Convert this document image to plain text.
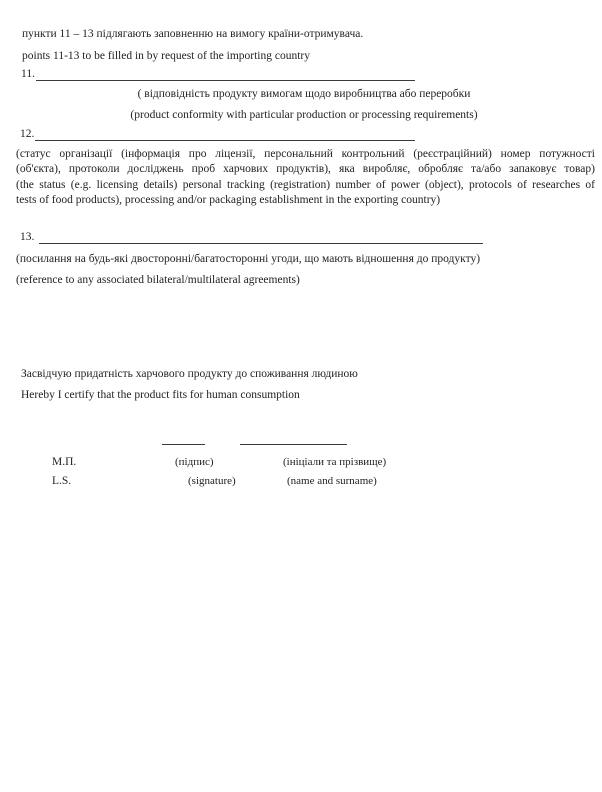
пункти 11 – 13 підлягають заповненню на вимогу країни-отримувача.
points 11-13 to be filled in by request of the importing country
11.
( відповідність продукту вимогам щодо виробництва або переробки
(product conformity with particular production or processing requirements)
12.
(статус організації (інформація про ліцензії, персональний контрольний (реєстраційний) номер потужності
(об'єкта), протоколи досліджень проб харчових продуктів), яка виробляє, обробляє та/або запаковує товар)
(the status (e.g. licensing details) personal tracking (registration) number of power (object), protocols of researches of
tests of food products), processing and/or packaging establishment in the exporting country)
13.
(посилання на будь-які двосторонні/багатосторонні угоди, що мають відношення до продукту)
(reference to any associated bilateral/multilateral agreements)
Засвідчую придатність харчового продукту до споживання людиною
Hereby I certify that the product fits for human consumption
М.П.	(підпис)	(ініціали та прізвище)
L.S.	(signature)	(name and surname)
